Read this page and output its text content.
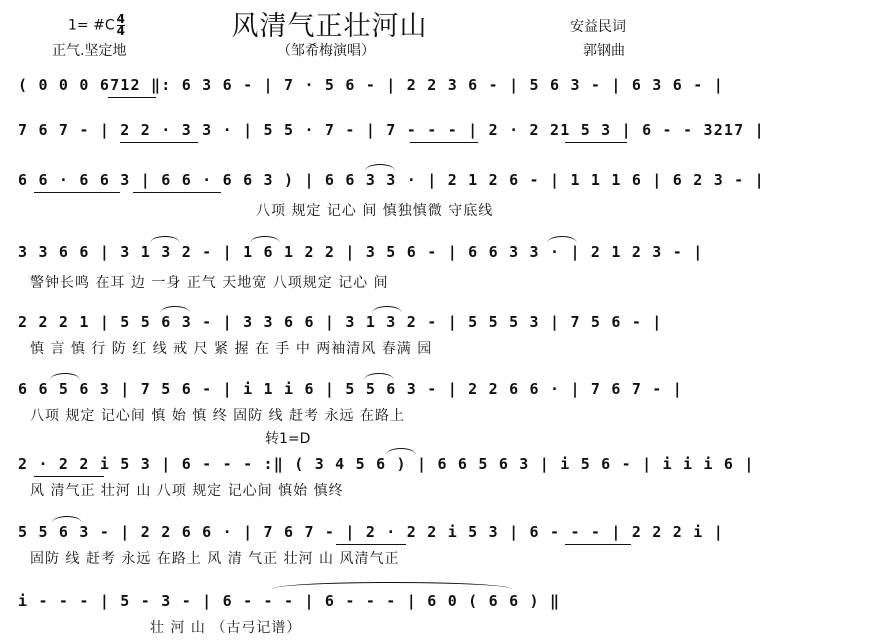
风清气正壮河山
1= #C $\frac{4}{4}$
正气.坚定地	（邹希梅演唱）
安益民词
郭钢曲
( 0 0 0 6712 ‖: 6 3 6 - | 7 · 5 6 - | 2 2 3 6 - | 5 6 3 - | 6 3 6 - |
7 6 7 - | 2 2 · 3 3 · | 5 5 · 7 - | 7 - - - | 2 · 2 21 5 3 | 6 - - 3217 |
6 6 · 6 6 3 | 6 6 · 6 6 3 ) | 6 6 3 3 · | 2 1 2 6 - | 1 1 1 6 | 6 2 3 - |
八项 规定 记心 间 慎独慎微 守底线
3 3 6 6 | 3 1 3 2 - | 1 6 1 2 2 | 3 5 6 - | 6 6 3 3 · | 2 1 2 3 - |
警钟长鸣 在耳 边 一身 正气 天地宽 八项规定 记心 间
2 2 2 1 | 5 5 6 3 - | 3 3 6 6 | 3 1 3 2 - | 5 5 5 3 | 7 5 6 - |
慎 言 慎 行 防 红 线 戒 尺 紧 握 在 手 中 两袖清风 春满 园
6 6 5 6 3 | 7 5 6 - | i 1 i 6 | 5 5 6 3 - | 2 2 6 6 · | 7 6 7 - |
八项 规定 记心间 慎 始 慎 终 固防 线 赶考 永远 在路上
转1=D
2 · 2 2 i 5 3 | 6 - - - :‖ ( 3 4 5 6 ) | 6 6 5 6 3 | i 5 6 - | i i i 6 |
风 清气正 壮河 山 八项 规定 记心间 慎始 慎终
5 5 6 3 - | 2 2 6 6 · | 7 6 7 - | 2 · 2 2 i 5 3 | 6 - - - | 2 2 2 i |
固防 线 赶考 永远 在路上 风 清 气正 壮河 山 风清气正
i - - - | 5 - 3 - | 6 - - - | 6 - - - | 6 0 ( 6 6 ) ‖
壮 河 山 （古弓记谱）
